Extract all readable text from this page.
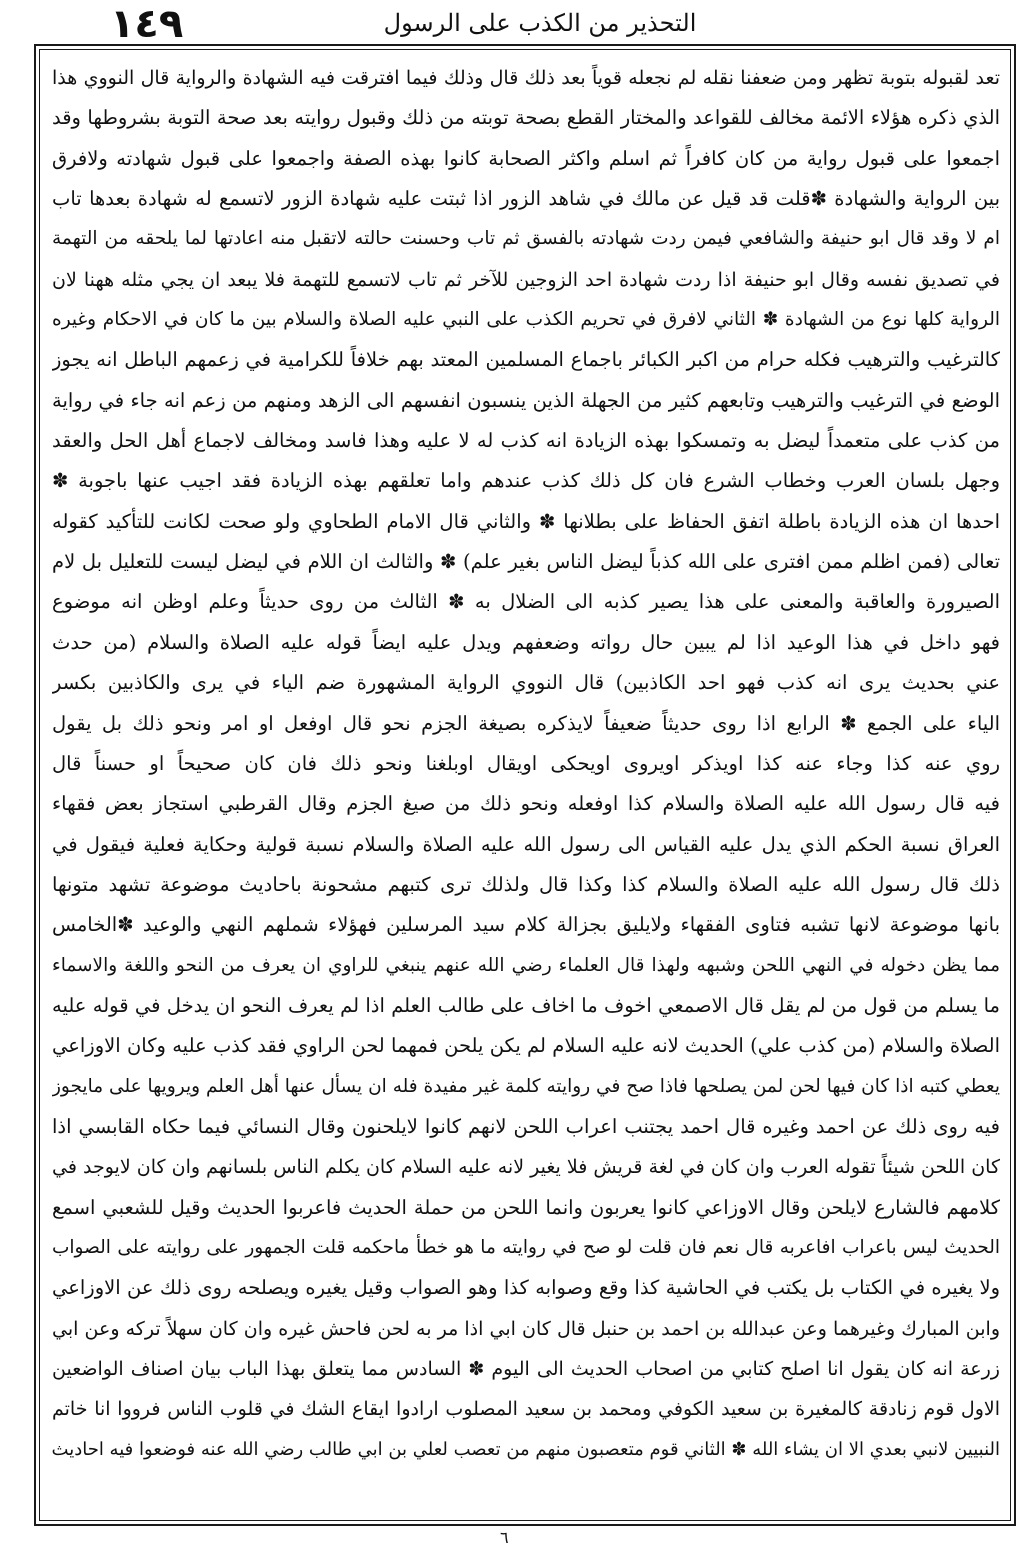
١٤٩	التحذير من الكذب على الرسول
تعد لقبوله بتوبة تظهر ومن ضعفنا نقله لم نجعله قوياً بعد ذلك قال وذلك فيما افترقت فيه الشهادة والرواية قال النووي هذا
الذي ذكره هؤلاء الائمة مخالف للقواعد والمختار القطع بصحة توبته من ذلك وقبول روايته بعد صحة التوبة بشروطها وقد
اجمعوا على قبول رواية من كان كافراً ثم اسلم واكثر الصحابة كانوا بهذه الصفة واجمعوا على قبول شهادته ولافرق
بين الرواية والشهادة ✽قلت قد قيل عن مالك في شاهد الزور اذا ثبتت عليه شهادة الزور لاتسمع له شهادة بعدها تاب
ام لا وقد قال ابو حنيفة والشافعي فيمن ردت شهادته بالفسق ثم تاب وحسنت حالته لاتقبل منه اعادتها لما يلحقه من التهمة
في تصديق نفسه وقال ابو حنيفة اذا ردت شهادة احد الزوجين للآخر ثم تاب لاتسمع للتهمة فلا يبعد ان يجي مثله ههنا لان
الرواية كلها نوع من الشهادة ✽ الثاني لافرق في تحريم الكذب على النبي عليه الصلاة والسلام بين ما كان في الاحكام وغيره
كالترغيب والترهيب فكله حرام من اكبر الكبائر باجماع المسلمين المعتد بهم خلافاً للكرامية في زعمهم الباطل انه يجوز
الوضع في الترغيب والترهيب وتابعهم كثير من الجهلة الذين ينسبون انفسهم الى الزهد ومنهم من زعم انه جاء في رواية
من كذب على متعمداً ليضل به وتمسكوا بهذه الزيادة انه كذب له لا عليه وهذا فاسد ومخالف لاجماع أهل الحل والعقد
وجهل بلسان العرب وخطاب الشرع فان كل ذلك كذب عندهم واما تعلقهم بهذه الزيادة فقد اجيب عنها باجوبة ✽
احدها ان هذه الزيادة باطلة اتفق الحفاظ على بطلانها ✽ والثاني قال الامام الطحاوي ولو صحت لكانت للتأكيد كقوله
تعالى (فمن اظلم ممن افترى على الله كذباً ليضل الناس بغير علم) ✽ والثالث ان اللام في ليضل ليست للتعليل بل لام
الصيرورة والعاقبة والمعنى على هذا يصير كذبه الى الضلال به ✽ الثالث من روى حديثاً وعلم اوظن انه موضوع
فهو داخل في هذا الوعيد اذا لم يبين حال رواته وضعفهم ويدل عليه ايضاً قوله عليه الصلاة والسلام (من حدث
عني بحديث يرى انه كذب فهو احد الكاذبين) قال النووي الرواية المشهورة ضم الياء في يرى والكاذبين بكسر
الياء على الجمع ✽ الرابع اذا روى حديثاً ضعيفاً لايذكره بصيغة الجزم نحو قال اوفعل او امر ونحو ذلك بل يقول
روي عنه كذا وجاء عنه كذا اويذكر اويروى اويحكى اويقال اوبلغنا ونحو ذلك فان كان صحيحاً او حسناً قال
فيه قال رسول الله عليه الصلاة والسلام كذا اوفعله ونحو ذلك من صيغ الجزم وقال القرطبي استجاز بعض فقهاء
العراق نسبة الحكم الذي يدل عليه القياس الى رسول الله عليه الصلاة والسلام نسبة قولية وحكاية فعلية فيقول في
ذلك قال رسول الله عليه الصلاة والسلام كذا وكذا قال ولذلك ترى كتبهم مشحونة باحاديث موضوعة تشهد متونها
بانها موضوعة لانها تشبه فتاوى الفقهاء ولايليق بجزالة كلام سيد المرسلين فهؤلاء شملهم النهي والوعيد ✽الخامس
مما يظن دخوله في النهي اللحن وشبهه ولهذا قال العلماء رضي الله عنهم ينبغي للراوي ان يعرف من النحو واللغة والاسماء
ما يسلم من قول من لم يقل قال الاصمعي اخوف ما اخاف على طالب العلم اذا لم يعرف النحو ان يدخل في قوله عليه
الصلاة والسلام (من كذب علي) الحديث لانه عليه السلام لم يكن يلحن فمهما لحن الراوي فقد كذب عليه وكان الاوزاعي
يعطي كتبه اذا كان فيها لحن لمن يصلحها فاذا صح في روايته كلمة غير مفيدة فله ان يسأل عنها أهل العلم ويرويها على مايجوز
فيه روى ذلك عن احمد وغيره قال احمد يجتنب اعراب اللحن لانهم كانوا لايلحنون وقال النسائي فيما حكاه القابسي اذا
كان اللحن شيئاً تقوله العرب وان كان في لغة قريش فلا يغير لانه عليه السلام كان يكلم الناس بلسانهم وان كان لايوجد في
كلامهم فالشارع لايلحن وقال الاوزاعي كانوا يعربون وانما اللحن من حملة الحديث فاعربوا الحديث وقيل للشعبي اسمع
الحديث ليس باعراب افاعربه قال نعم فان قلت لو صح في روايته ما هو خطأ ماحكمه قلت الجمهور على روايته على الصواب
ولا يغيره في الكتاب بل يكتب في الحاشية كذا وقع وصوابه كذا وهو الصواب وقيل يغيره ويصلحه روى ذلك عن الاوزاعي
وابن المبارك وغيرهما وعن عبدالله بن احمد بن حنبل قال كان ابي اذا مر به لحن فاحش غيره وان كان سهلاً تركه وعن ابي
زرعة انه كان يقول انا اصلح كتابي من اصحاب الحديث الى اليوم ✽ السادس مما يتعلق بهذا الباب بيان اصناف الواضعين
الاول قوم زنادقة كالمغيرة بن سعيد الكوفي ومحمد بن سعيد المصلوب ارادوا ايقاع الشك في قلوب الناس فرووا انا خاتم
النبيين لانبي بعدي الا ان يشاء الله ✽ الثاني قوم متعصبون منهم من تعصب لعلي بن ابي طالب رضي الله عنه فوضعوا فيه احاديث
٦
